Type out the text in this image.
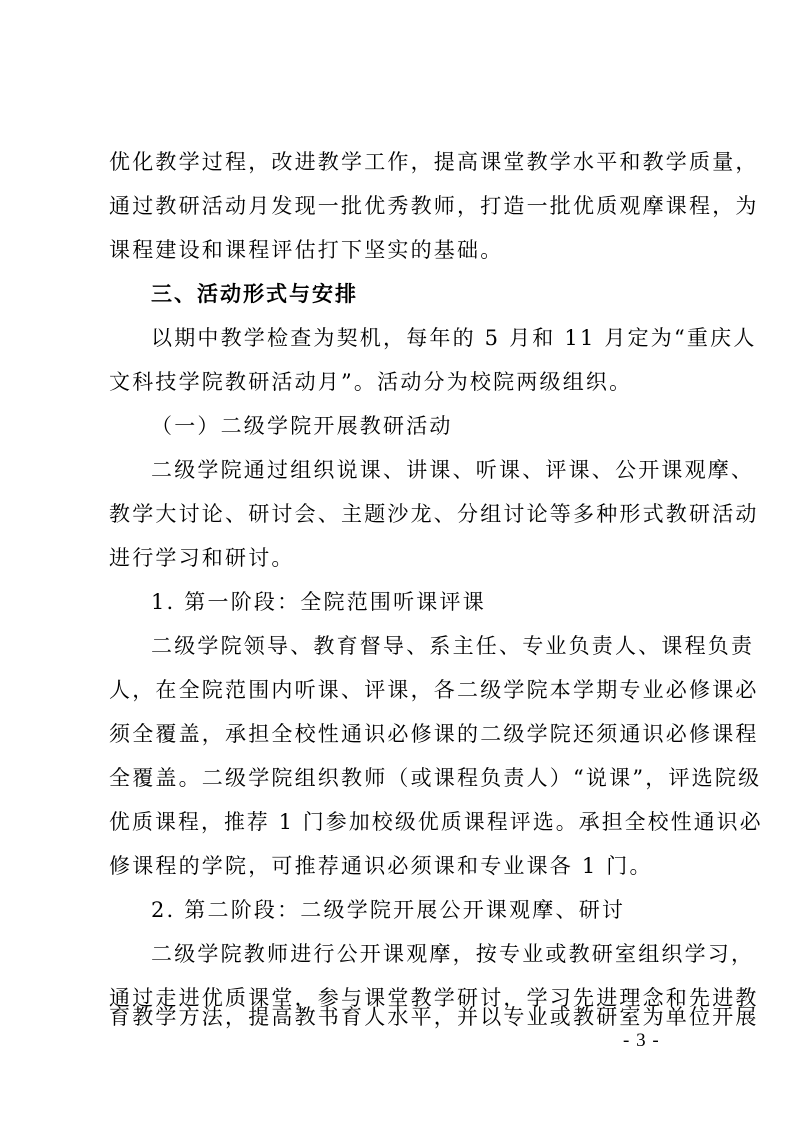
优化教学过程，改进教学工作，提高课堂教学水平和教学质量，
通过教研活动月发现一批优秀教师，打造一批优质观摩课程，为
课程建设和课程评估打下坚实的基础。
三、活动形式与安排
以期中教学检查为契机，每年的 5 月和 11 月定为“重庆人
文科技学院教研活动月”。活动分为校院两级组织。
（一）二级学院开展教研活动
二级学院通过组织说课、讲课、听课、评课、公开课观摩、
教学大讨论、研讨会、主题沙龙、分组讨论等多种形式教研活动
进行学习和研讨。
1. 第一阶段：全院范围听课评课
二级学院领导、教育督导、系主任、专业负责人、课程负责
人，在全院范围内听课、评课，各二级学院本学期专业必修课必
须全覆盖，承担全校性通识必修课的二级学院还须通识必修课程
全覆盖。二级学院组织教师（或课程负责人）“说课”，评选院级
优质课程，推荐 1 门参加校级优质课程评选。承担全校性通识必
修课程的学院，可推荐通识必须课和专业课各 1 门。
2. 第二阶段：二级学院开展公开课观摩、研讨
二级学院教师进行公开课观摩，按专业或教研室组织学习，
通过走进优质课堂，参与课堂教学研讨，学习先进理念和先进教
育教学方法，提高教书育人水平，并以专业或教研室为单位开展
- 3 -
